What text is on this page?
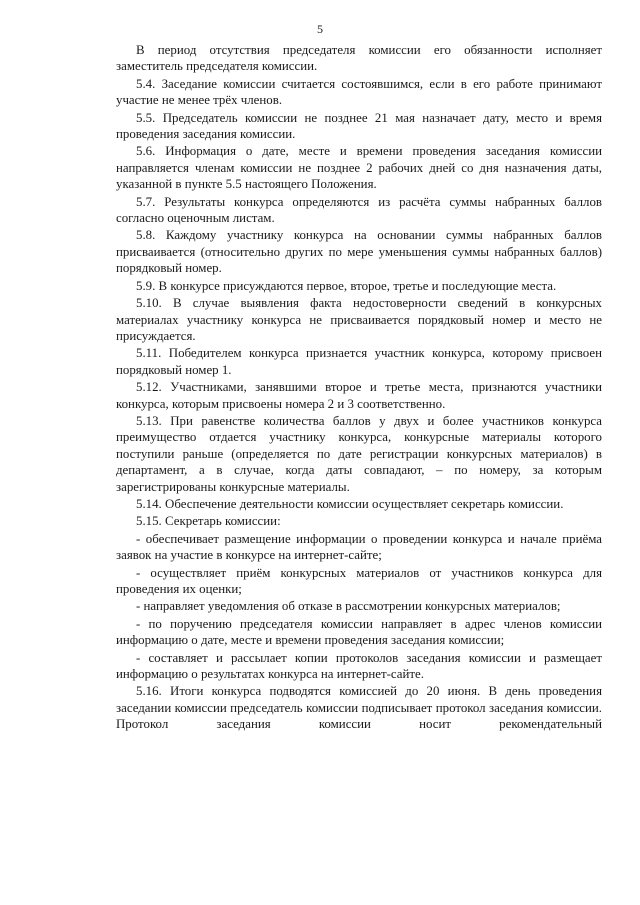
5

В период отсутствия председателя комиссии его обязанности исполняет заместитель председателя комиссии.

5.4. Заседание комиссии считается состоявшимся, если в его работе принимают участие не менее трёх членов.

5.5. Председатель комиссии не позднее 21 мая назначает дату, место и время проведения заседания комиссии.

5.6. Информация о дате, месте и времени проведения заседания комиссии направляется членам комиссии не позднее 2 рабочих дней со дня назначения даты, указанной в пункте 5.5 настоящего Положения.

5.7. Результаты конкурса определяются из расчёта суммы набранных баллов согласно оценочным листам.

5.8. Каждому участнику конкурса на основании суммы набранных баллов присваивается (относительно других по мере уменьшения суммы набранных баллов) порядковый номер.

5.9. В конкурсе присуждаются первое, второе, третье и последующие места.

5.10. В случае выявления факта недостоверности сведений в конкурсных материалах участнику конкурса не присваивается порядковый номер и место не присуждается.

5.11. Победителем конкурса признается участник конкурса, которому присвоен порядковый номер 1.

5.12. Участниками, занявшими второе и третье места, признаются участники конкурса, которым присвоены номера 2 и 3 соответственно.

5.13. При равенстве количества баллов у двух и более участников конкурса преимущество отдается участнику конкурса, конкурсные материалы которого поступили раньше (определяется по дате регистрации конкурсных материалов) в департамент, а в случае, когда даты совпадают, – по номеру, за которым зарегистрированы конкурсные материалы.

5.14. Обеспечение деятельности комиссии осуществляет секретарь комиссии.

5.15. Секретарь комиссии:

- обеспечивает размещение информации о проведении конкурса и начале приёма заявок на участие в конкурсе на интернет-сайте;

- осуществляет приём конкурсных материалов от участников конкурса для проведения их оценки;

- направляет уведомления об отказе в рассмотрении конкурсных материалов;

- по поручению председателя комиссии направляет в адрес членов комиссии информацию о дате, месте и времени проведения заседания комиссии;

- составляет и рассылает копии протоколов заседания комиссии и размещает информацию о результатах конкурса на интернет-сайте.

5.16. Итоги конкурса подводятся комиссией до 20 июня. В день проведения заседании комиссии председатель комиссии подписывает протокол заседания комиссии. Протокол заседания комиссии носит рекомендательный
